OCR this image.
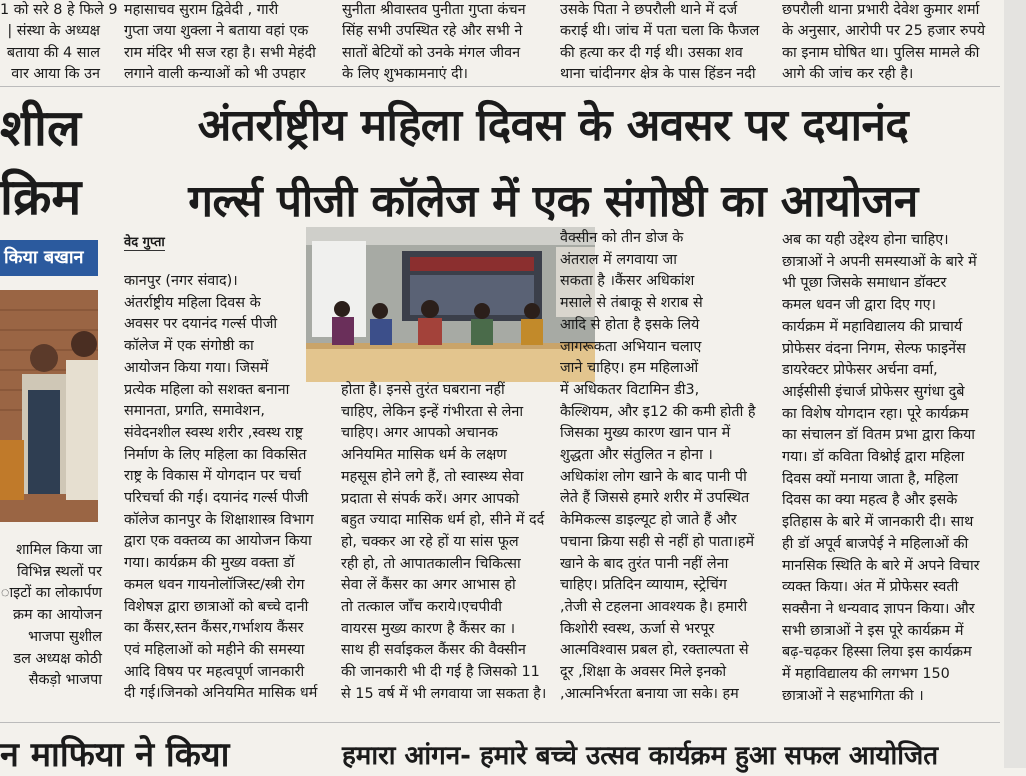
1 को सरे 8 हे फिले 9
| संस्था के अध्यक्ष
बताया की 4 साल
वार आया कि उन
महासाचव सुराम द्विवेदी , गारी
गुप्ता जया शुक्ला ने बताया वहां एक
राम मंदिर भी सज रहा है। सभी मेहंदी
लगाने वाली कन्याओं को भी उपहार
सुनीता श्रीवास्तव पुनीता गुप्ता कंचन
सिंह सभी उपस्थित रहे और सभी ने
सातों बेटियों को उनके मंगल जीवन
के लिए शुभकामनाएं दी।
उसके पिता ने छपरौली थाने में दर्ज
कराई थी। जांच में पता चला कि फैजल
की हत्या कर दी गई थी। उसका शव
थाना चांदीनगर क्षेत्र के पास हिंडन नदी
छपरौली थाना प्रभारी देवेश कुमार शर्मा
के अनुसार, आरोपी पर 25 हजार रुपये
का इनाम घोषित था। पुलिस मामले की
आगे की जांच कर रही है।
शील
क्रिम
किया बखान
शामिल किया जा
विभिन्न स्थलों पर
ाइटों का लोकार्पण
क्रम का आयोजन
भाजपा सुशील
डल अध्यक्ष कोठी
सैकड़ो भाजपा
अंतर्राष्ट्रीय महिला दिवस के अवसर पर दयानंद
गर्ल्स पीजी कॉलेज में एक संगोष्ठी का आयोजन
वेद गुप्ता
कानपुर (नगर संवाद)।
अंतर्राष्ट्रीय महिला दिवस के
अवसर पर दयानंद गर्ल्स पीजी
कॉलेज में एक संगोष्ठी का
आयोजन किया गया। जिसमें
प्रत्येक महिला को सशक्त बनाना
समानता, प्रगति, समावेशन,
संवेदनशील स्वस्थ शरीर ,स्वस्थ राष्ट्र
निर्माण के लिए महिला का विकसित
राष्ट्र के विकास में योगदान पर चर्चा
परिचर्चा की गई। दयानंद गर्ल्स पीजी
कॉलेज कानपुर के शिक्षाशास्त्र विभाग
द्वारा एक वक्तव्य का आयोजन किया
गया। कार्यक्रम की मुख्य वक्ता डॉ
कमल धवन गायनोलॉजिस्ट/स्त्री रोग
विशेषज्ञ द्वारा छात्राओं को बच्चे दानी
का कैंसर,स्तन कैंसर,गर्भाशय कैंसर
एवं महिलाओं को महीने की समस्या
आदि विषय पर महत्वपूर्ण जानकारी
दी गई।जिनको अनियमित मासिक धर्म
होता है। इनसे तुरंत घबराना नहीं
चाहिए, लेकिन इन्हें गंभीरता से लेना
चाहिए। अगर आपको अचानक
अनियमित मासिक धर्म के लक्षण
महसूस होने लगे हैं, तो स्वास्थ्य सेवा
प्रदाता से संपर्क करें। अगर आपको
बहुत ज्यादा मासिक धर्म हो, सीने में दर्द
हो, चक्कर आ रहे हों या सांस फूल
रही हो, तो आपातकालीन चिकित्सा
सेवा लें कैंसर का अगर आभास हो
तो तत्काल जाँच कराये।एचपीवी
वायरस मुख्य कारण है कैंसर का ।
साथ ही सर्वाइकल कैंसर की वैक्सीन
की जानकारी भी दी गई है जिसको 11
से 15 वर्ष में भी लगवाया जा सकता है।
वैक्सीन को तीन डोज के
अंतराल में लगवाया जा
सकता है ।कैंसर अधिकांश
मसाले से तंबाकू से शराब से
आदि से होता है इसके लिये
जागरूकता अभियान चलाए
जाने चाहिए। हम महिलाओं
में अधिकतर विटामिन डी3,
कैल्शियम, और इ12 की कमी होती है
जिसका मुख्य कारण खान पान में
शुद्धता और संतुलित न होना ।
अधिकांश लोग खाने के बाद पानी पी
लेते हैं जिससे हमारे शरीर में उपस्थित
केमिकल्स डाइल्यूट हो जाते हैं और
पचाना क्रिया सही से नहीं हो पाता।हमें
खाने के बाद तुरंत पानी नहीं लेना
चाहिए। प्रतिदिन व्यायाम, स्ट्रेचिंग
,तेजी से टहलना आवश्यक है। हमारी
किशोरी स्वस्थ, ऊर्जा से भरपूर
आत्मविश्वास प्रबल हो, रक्ताल्पता से
दूर ,शिक्षा के अवसर मिले इनको
,आत्मनिर्भरता बनाया जा सके। हम
अब का यही उद्देश्य होना चाहिए।
छात्राओं ने अपनी समस्याओं के बारे में
भी पूछा जिसके समाधान डॉक्टर
कमल धवन जी द्वारा दिए गए।
कार्यक्रम में महाविद्यालय की प्राचार्य
प्रोफेसर वंदना निगम, सेल्फ फाइनेंस
डायरेक्टर प्रोफेसर अर्चना वर्मा,
आईसीसी इंचार्ज प्रोफेसर सुगंधा दुबे
का विशेष योगदान रहा। पूरे कार्यक्रम
का संचालन डॉ वितम प्रभा द्वारा किया
गया। डॉ कविता विश्नोई द्वारा महिला
दिवस क्यों मनाया जाता है, महिला
दिवस का क्या महत्व है और इसके
इतिहास के बारे में जानकारी दी। साथ
ही डॉ अपूर्व बाजपेई ने महिलाओं की
मानसिक स्थिति के बारे में अपने विचार
व्यक्त किया। अंत में प्रोफेसर स्वती
सक्सैना ने धन्यवाद ज्ञापन किया। और
सभी छात्राओं ने इस पूरे कार्यक्रम में
बढ़-चढ़कर हिस्सा लिया इस कार्यक्रम
में महाविद्यालय की लगभग 150
छात्राओं ने सहभागिता की ।
न माफिया ने किया	हमारा आंगन- हमारे बच्चे उत्सव कार्यक्रम हुआ सफल आयोजित
